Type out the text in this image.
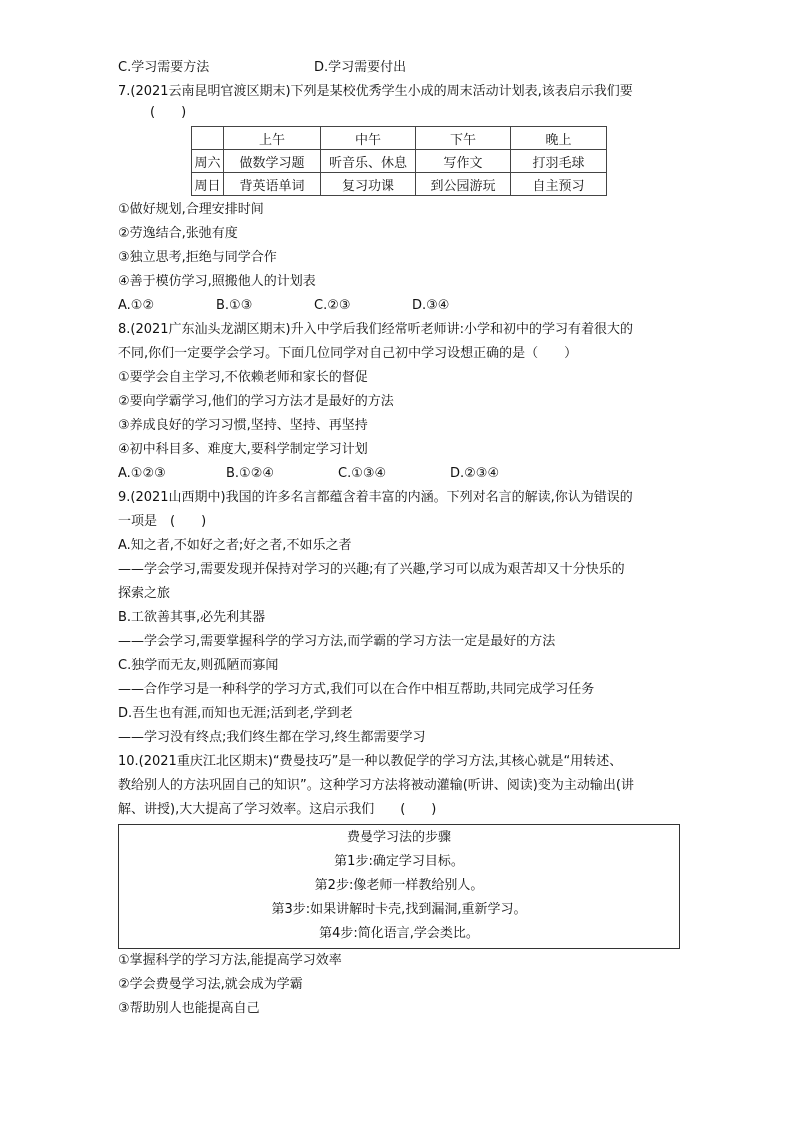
C.学习需要方法	D.学习需要付出
7.(2021云南昆明官渡区期末)下列是某校优秀学生小成的周末活动计划表,该表启示我们要
(　　)
	上午	中午	下午	晚上
周六	做数学习题	听音乐、休息	写作文	打羽毛球
周日	背英语单词	复习功课	到公园游玩	自主预习
①做好规划,合理安排时间
②劳逸结合,张弛有度
③独立思考,拒绝与同学合作
④善于模仿学习,照搬他人的计划表
A.①②	B.①③	C.②③	D.③④
8.(2021广东汕头龙湖区期末)升入中学后我们经常听老师讲:小学和初中的学习有着很大的
不同,你们一定要学会学习。下面几位同学对自己初中学习设想正确的是（　　）
①要学会自主学习,不依赖老师和家长的督促
②要向学霸学习,他们的学习方法才是最好的方法
③养成良好的学习习惯,坚持、坚持、再坚持
④初中科目多、难度大,要科学制定学习计划
A.①②③	B.①②④	C.①③④	D.②③④
9.(2021山西期中)我国的许多名言都蕴含着丰富的内涵。下列对名言的解读,你认为错误的
一项是　(　　)
A.知之者,不如好之者;好之者,不如乐之者
——学会学习,需要发现并保持对学习的兴趣;有了兴趣,学习可以成为艰苦却又十分快乐的
探索之旅
B.工欲善其事,必先利其器
——学会学习,需要掌握科学的学习方法,而学霸的学习方法一定是最好的方法
C.独学而无友,则孤陋而寡闻
——合作学习是一种科学的学习方式,我们可以在合作中相互帮助,共同完成学习任务
D.吾生也有涯,而知也无涯;活到老,学到老
——学习没有终点;我们终生都在学习,终生都需要学习
10.(2021重庆江北区期末)“费曼技巧”是一种以教促学的学习方法,其核心就是“用转述、
教给别人的方法巩固自己的知识”。这种学习方法将被动灌输(听讲、阅读)变为主动输出(讲
解、讲授),大大提高了学习效率。这启示我们　　(　　)
费曼学习法的步骤
第1步:确定学习目标。
第2步:像老师一样教给别人。
第3步:如果讲解时卡壳,找到漏洞,重新学习。
第4步:简化语言,学会类比。
①掌握科学的学习方法,能提高学习效率
②学会费曼学习法,就会成为学霸
③帮助别人也能提高自己
